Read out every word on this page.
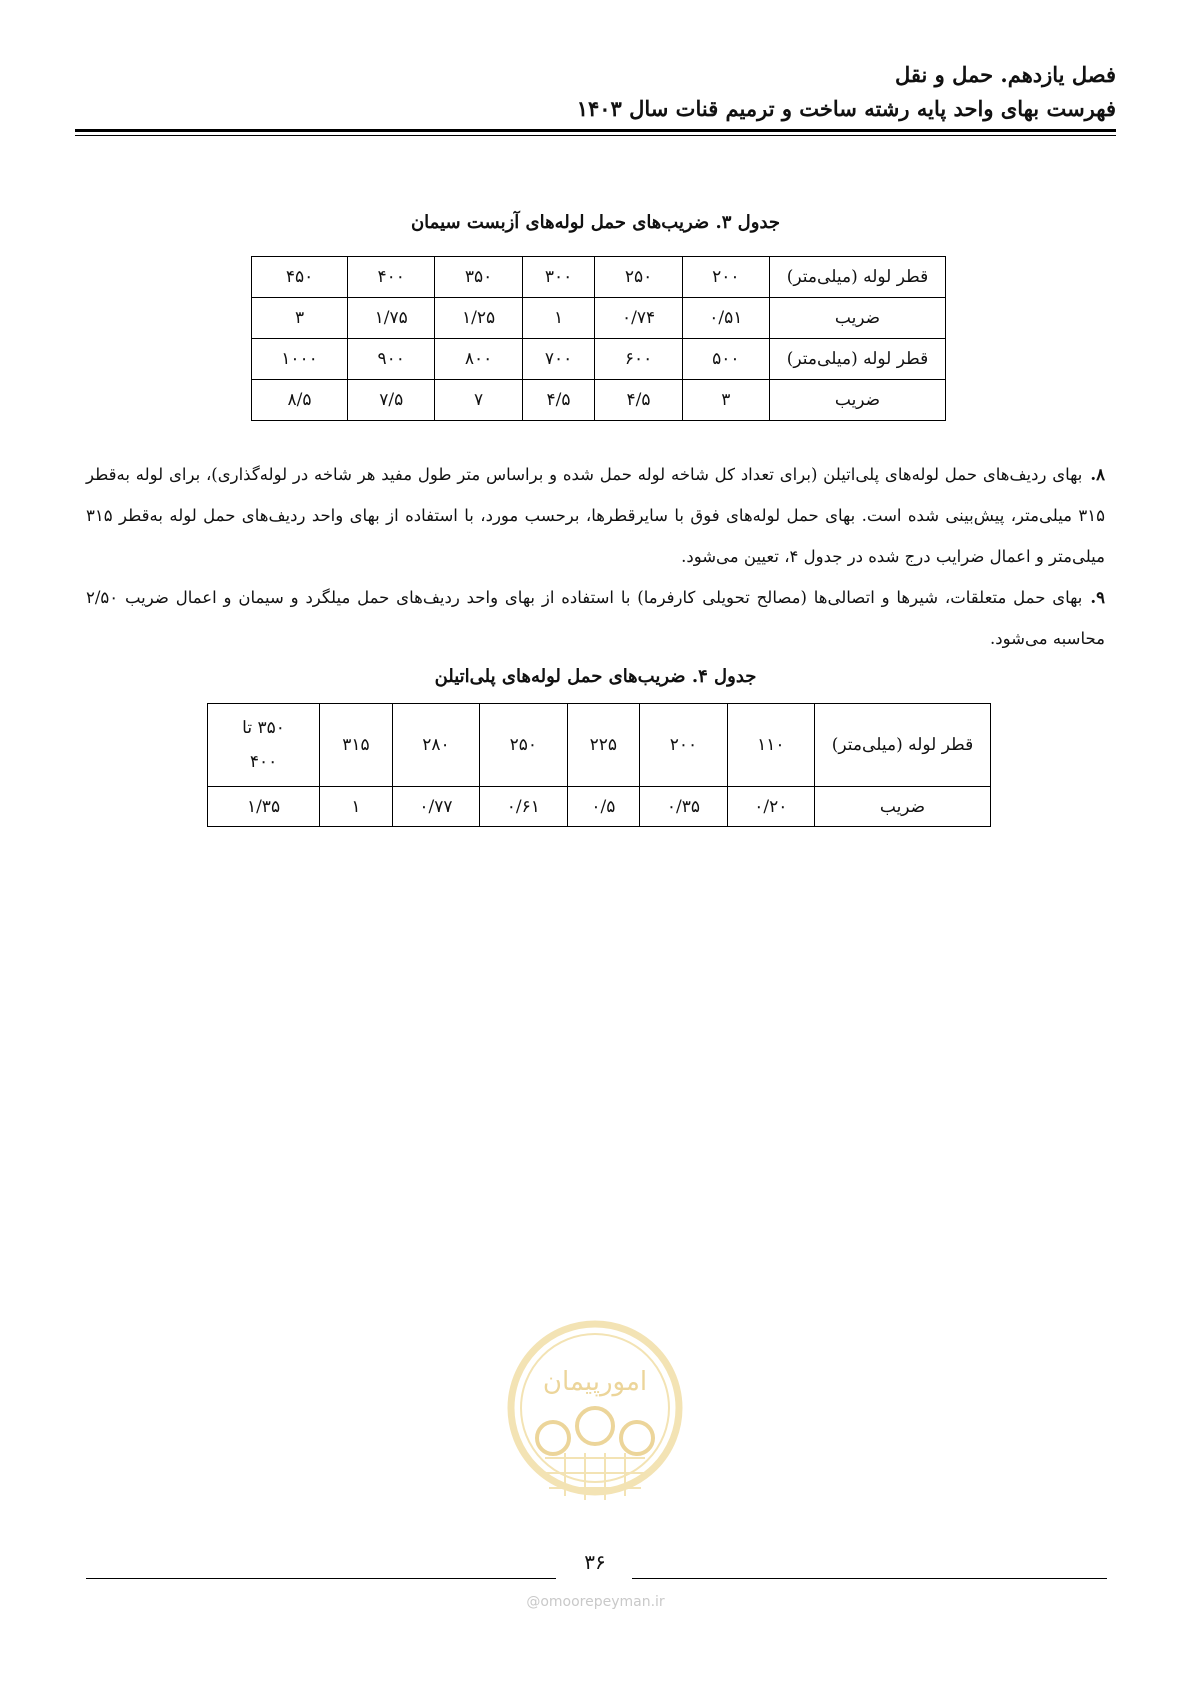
فصل یازدهم. حمل و نقل
فهرست بهای واحد پایه رشته ساخت و ترمیم قنات سال ۱۴۰۳
جدول ۳. ضریب‌های حمل لوله‌های آزبست سیمان
قطر لوله (میلی‌متر)	۲۰۰	۲۵۰	۳۰۰	۳۵۰	۴۰۰	۴۵۰
ضریب	۰/۵۱	۰/۷۴	۱	۱/۲۵	۱/۷۵	۳
قطر لوله (میلی‌متر)	۵۰۰	۶۰۰	۷۰۰	۸۰۰	۹۰۰	۱۰۰۰
ضریب	۳	۴/۵	۴/۵	۷	۷/۵	۸/۵
۸.بهای ردیف‌های حمل لوله‌های پلی‌اتیلن (برای تعداد کل شاخه لوله حمل شده و براساس متر طول مفید هر شاخه در لوله‌گذاری)، برای لوله به‌قطر ۳۱۵ میلی‌متر، پیش‌بینی شده است. بهای حمل لوله‌های فوق با سایرقطرها، برحسب مورد، با استفاده از بهای واحد ردیف‌های حمل لوله به‌قطر ۳۱۵ میلی‌متر و اعمال ضرایب درج شده در جدول ۴، تعیین می‌شود.
۹.بهای حمل متعلقات، شیرها و اتصالی‌ها (مصالح تحویلی کارفرما) با استفاده از بهای واحد ردیف‌های حمل میلگرد و سیمان و اعمال ضریب ۲/۵۰ محاسبه می‌شود.
جدول ۴. ضریب‌های حمل لوله‌های پلی‌اتیلن
قطر لوله (میلی‌متر)	۱۱۰	۲۰۰	۲۲۵	۲۵۰	۲۸۰	۳۱۵	۳۵۰ تا
۴۰۰

ضریب	۰/۲۰	۰/۳۵	۰/۵	۰/۶۱	۰/۷۷	۱	۱/۳۵
امورپیمان
۳۶
@omoorepeyman.ir
